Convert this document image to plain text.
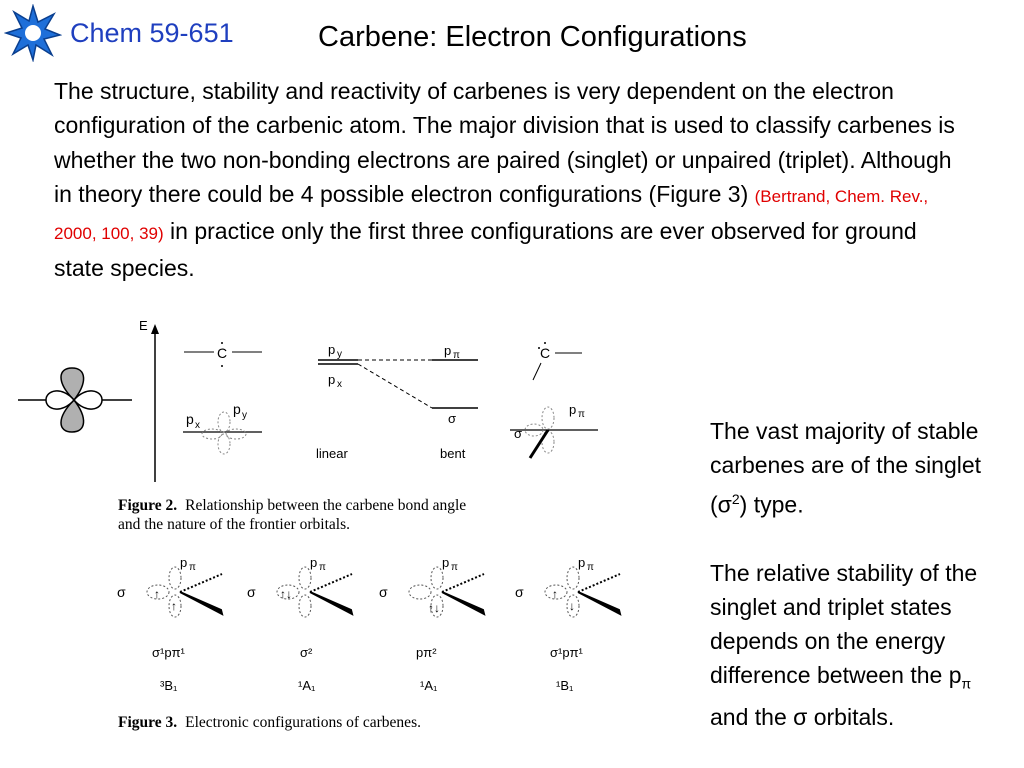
Chem 59-651	Carbene: Electron Configurations
The structure, stability and reactivity of carbenes is very dependent on the electron configuration of the carbenic atom. The major division that is used to classify carbenes is whether the two non-bonding electrons are paired (singlet) or unpaired (triplet). Although in theory there could be 4 possible electron configurations (Figure 3) (Bertrand, Chem. Rev., 2000, 100, 39) in practice only the first three configurations are ever observed for ground state species.
E
C
p x
p y
p y
p x
p π
σ
linear	bent
C
p π
σ
Figure 2. Relationship between the carbene bond angle
and the nature of the frontier orbitals.
σ
p π
↑
↑
σ¹pπ¹
³B₁
σ
p π
↑↓
σ²
¹A₁
σ
p π
↑↓
pπ²
¹A₁
σ
p π
↑
↓
σ¹pπ¹
¹B₁
Figure 3. Electronic configurations of carbenes.

The vast majority of stable carbenes are of the singlet $(\sigma^2)$ type.

The relative stability of the singlet and triplet states depends on the energy difference between the $p_\pi$ and the σ orbitals.
